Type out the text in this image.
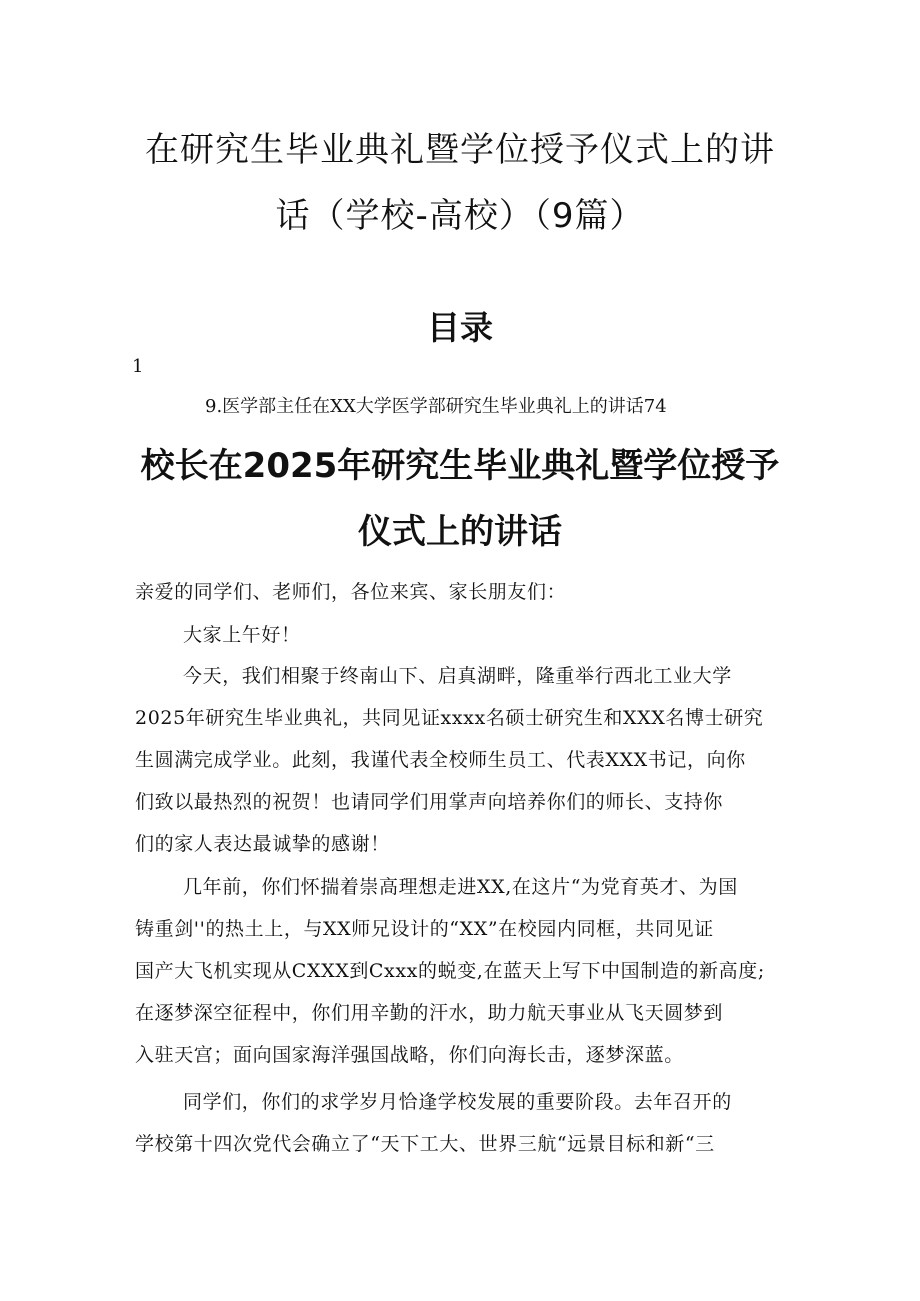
在研究生毕业典礼暨学位授予仪式上的讲
话（学校-高校）（9篇）
目录
1
9.医学部主任在XX大学医学部研究生毕业典礼上的讲话74
校长在2025年研究生毕业典礼暨学位授予
仪式上的讲话
亲爱的同学们、老师们，各位来宾、家长朋友们：
大家上午好！
今天，我们相聚于终南山下、启真湖畔，隆重举行西北工业大学
2025年研究生毕业典礼，共同见证xxxx名硕士研究生和XXX名博士研究
生圆满完成学业。此刻，我谨代表全校师生员工、代表XXX书记，向你
们致以最热烈的祝贺！也请同学们用掌声向培养你们的师长、支持你
们的家人表达最诚挚的感谢！
几年前，你们怀揣着崇高理想走进XX,在这片“为党育英才、为国
铸重剑''的热土上，与XX师兄设计的“XX”在校园内同框，共同见证
国产大飞机实现从CXXX到Cxxx的蜕变,在蓝天上写下中国制造的新高度;
在逐梦深空征程中，你们用辛勤的汗水，助力航天事业从飞天圆梦到
入驻天宫；面向国家海洋强国战略，你们向海长击，逐梦深蓝。
同学们，你们的求学岁月恰逢学校发展的重要阶段。去年召开的
学校第十四次党代会确立了“天下工大、世界三航“远景目标和新“三
